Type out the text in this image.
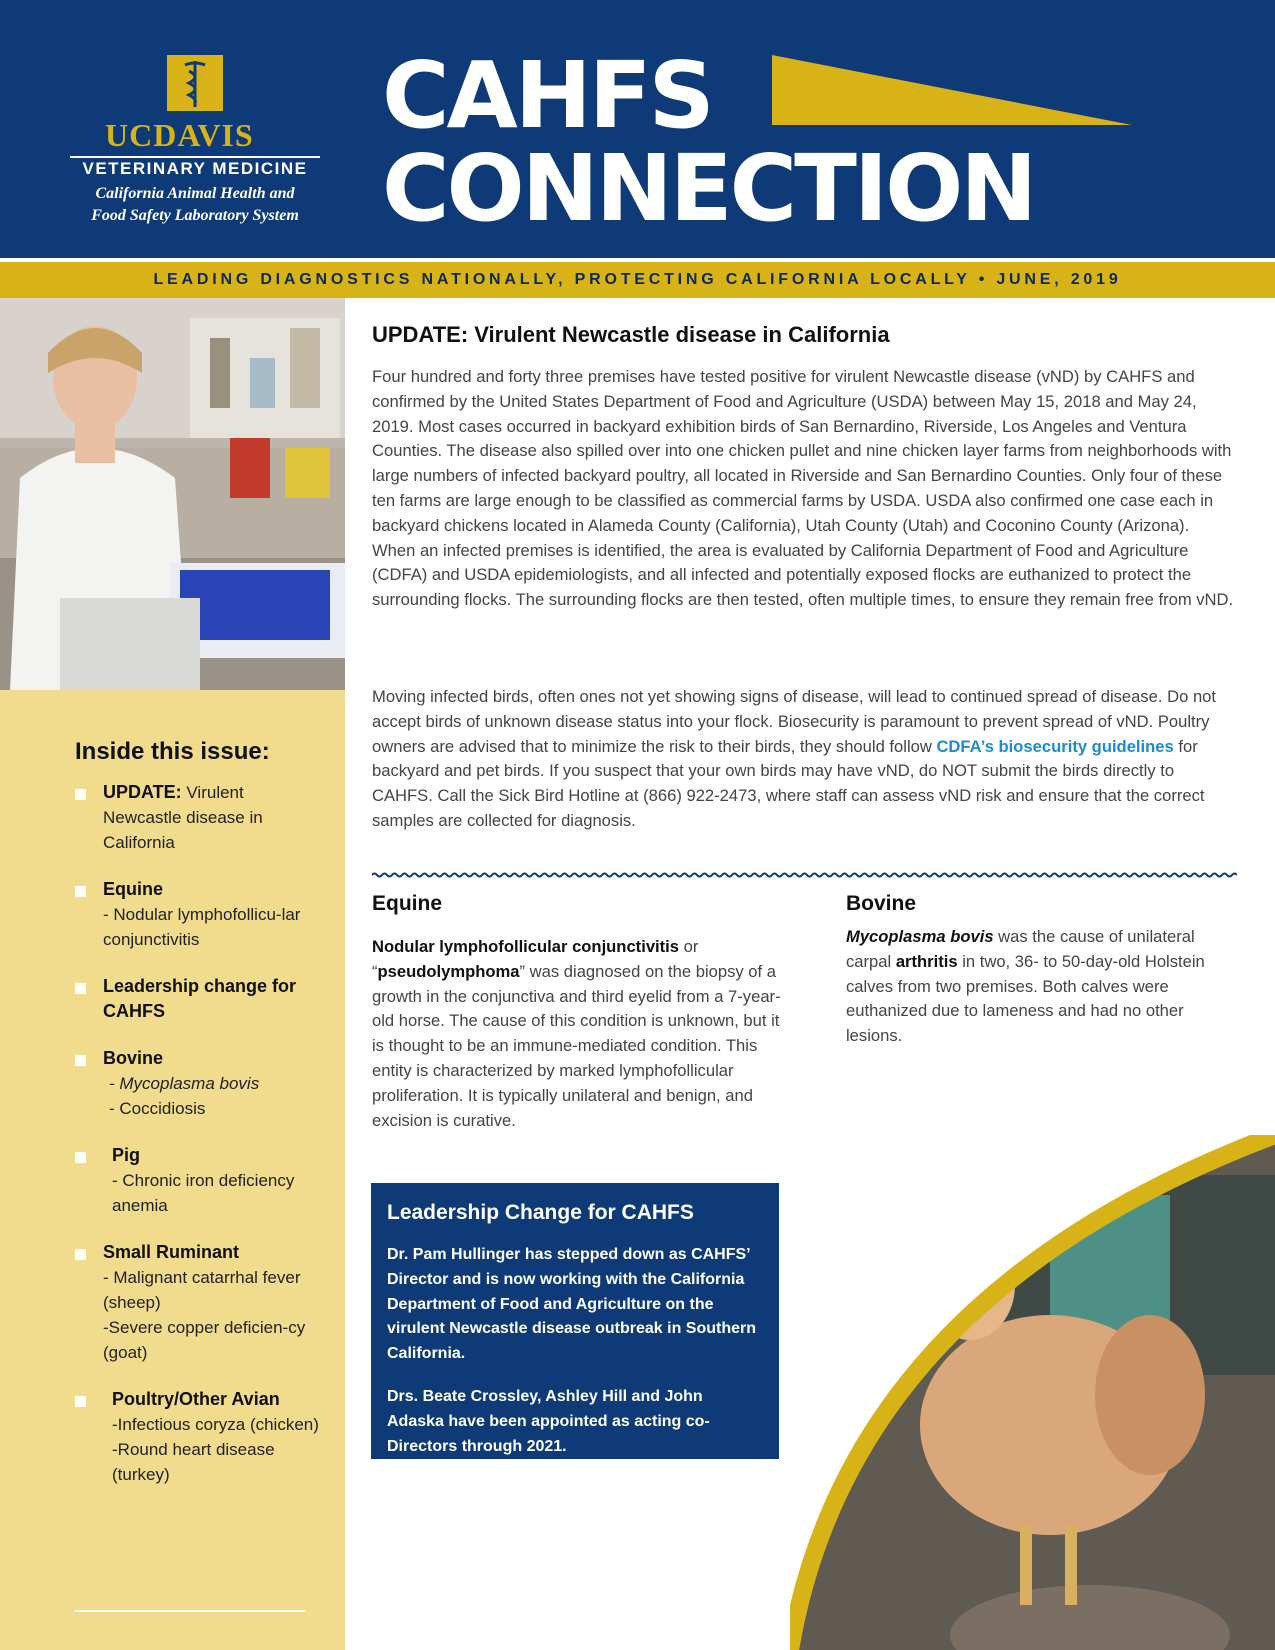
UCDAVIS
VETERINARY MEDICINE
California Animal Health and
Food Safety Laboratory System
CAHFS
CONNECTION
LEADING DIAGNOSTICS NATIONALLY, PROTECTING CALIFORNIA LOCALLY • JUNE, 2019
Inside this issue:
UPDATE: Virulent Newcastle disease in California
Equine
- Nodular lymphofollicu-lar conjunctivitis
Leadership change for CAHFS
Bovine
- Mycoplasma bovis
- Coccidiosis
Pig
- Chronic iron deficiency anemia
Small Ruminant
- Malignant catarrhal fever (sheep)
-Severe copper deficien-cy (goat)
Poultry/Other Avian
-Infectious coryza (chicken)
-Round heart disease (turkey)
UPDATE: Virulent Newcastle disease in California
Four hundred and forty three premises have tested positive for virulent Newcastle disease (vND) by CAHFS and confirmed by the United States Department of Food and Agriculture (USDA) between May 15, 2018 and May 24, 2019. Most cases occurred in backyard exhibition birds of San Bernardino, Riverside, Los Angeles and Ventura Counties. The disease also spilled over into one chicken pullet and nine chicken layer farms from neighborhoods with large numbers of infected backyard poultry, all located in Riverside and San Bernardino Counties. Only four of these ten farms are large enough to be classified as commercial farms by USDA. USDA also confirmed one case each in backyard chickens located in Alameda County (California), Utah County (Utah) and Coconino County (Arizona). When an infected premises is identified, the area is evaluated by California Department of Food and Agriculture (CDFA) and USDA epidemiologists, and all infected and potentially exposed flocks are euthanized to protect the surrounding flocks. The surrounding flocks are then tested, often multiple times, to ensure they remain free from vND.
Moving infected birds, often ones not yet showing signs of disease, will lead to continued spread of disease. Do not accept birds of unknown disease status into your flock. Biosecurity is paramount to prevent spread of vND. Poultry owners are advised that to minimize the risk to their birds, they should follow CDFA’s biosecurity guidelines for backyard and pet birds. If you suspect that your own birds may have vND, do NOT submit the birds directly to CAHFS. Call the Sick Bird Hotline at (866) 922-2473, where staff can assess vND risk and ensure that the correct samples are collected for diagnosis.
Equine
Nodular lymphofollicular conjunctivitis or “pseudolymphoma” was diagnosed on the biopsy of a growth in the conjunctiva and third eyelid from a 7-year-old horse. The cause of this condition is unknown, but it is thought to be an immune-mediated condition. This entity is characterized by marked lymphofollicular proliferation. It is typically unilateral and benign, and excision is curative.
Bovine
Mycoplasma bovis was the cause of unilateral carpal arthritis in two, 36- to 50-day-old Holstein calves from two premises. Both calves were euthanized due to lameness and had no other lesions.
Leadership Change for CAHFS
Dr. Pam Hullinger has stepped down as CAHFS’ Director and is now working with the California Department of Food and Agriculture on the virulent Newcastle disease outbreak in Southern California.
Drs. Beate Crossley, Ashley Hill and John Adaska have been appointed as acting co-Directors through 2021.
